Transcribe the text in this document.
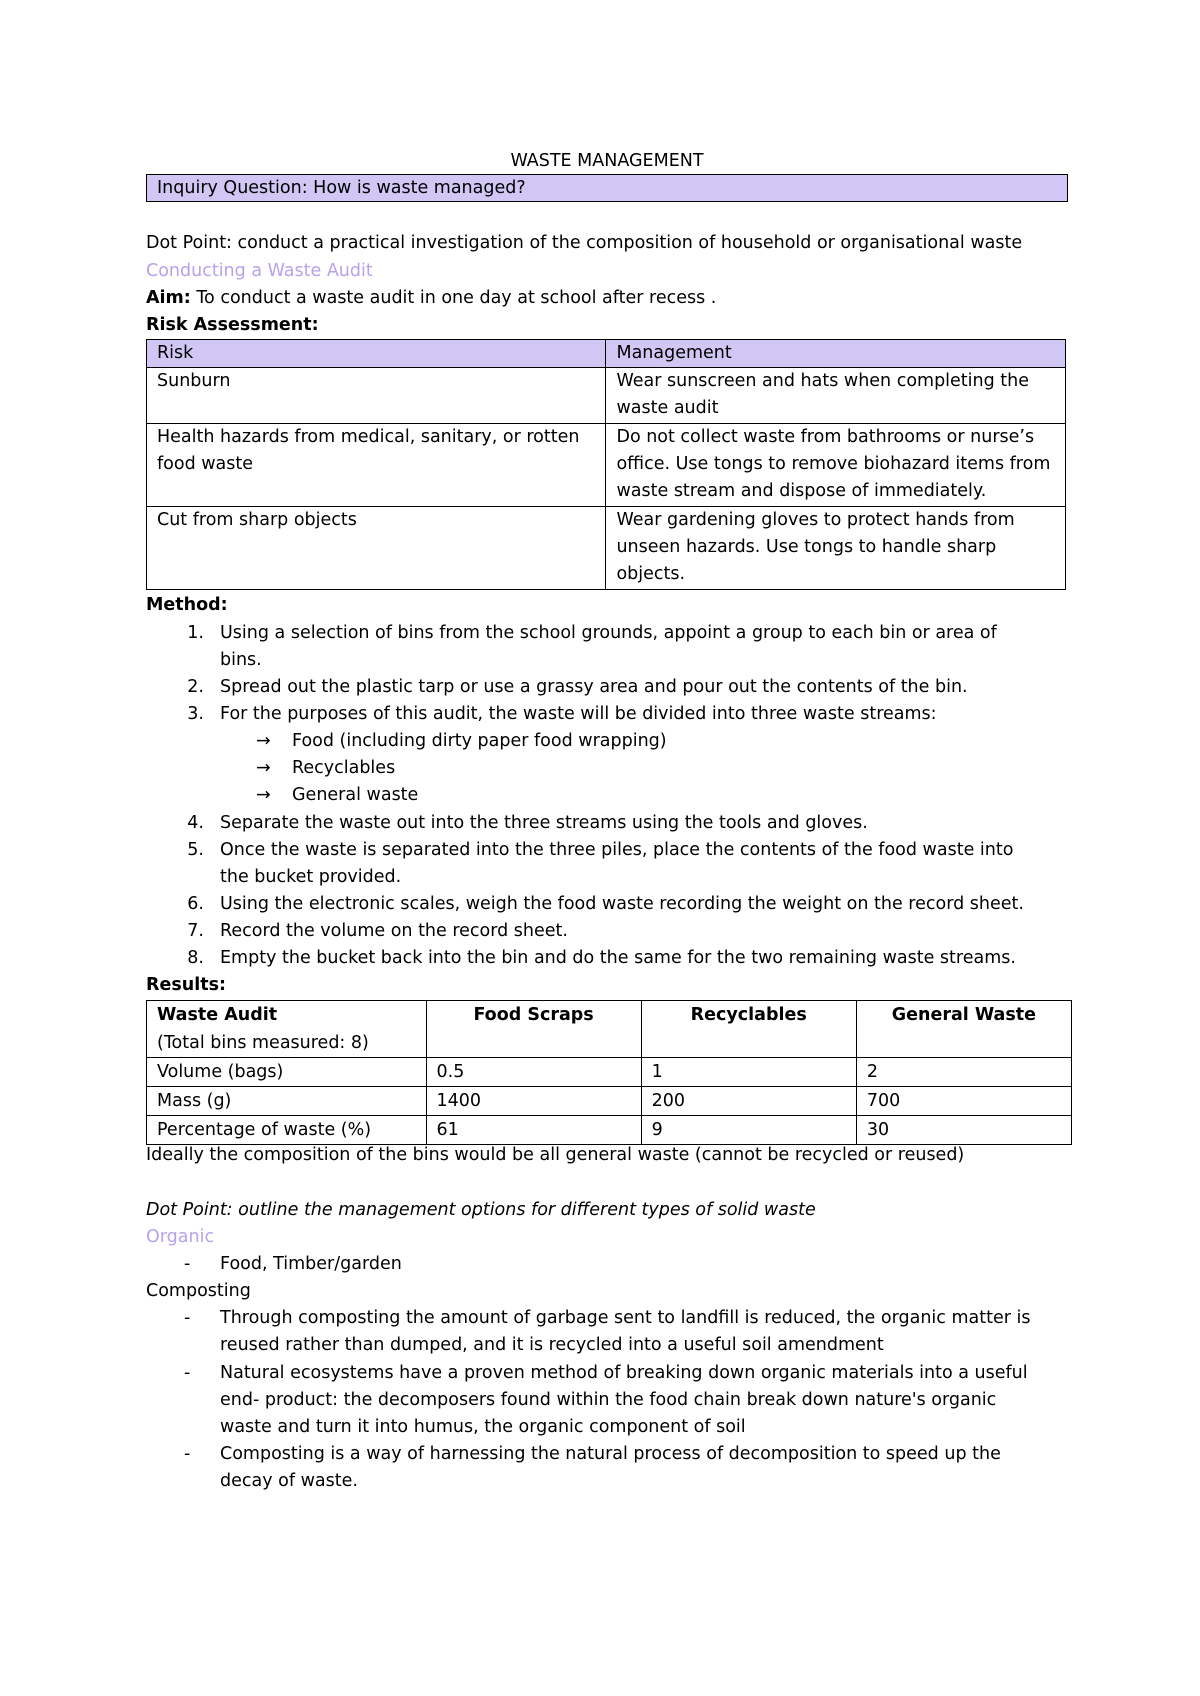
WASTE MANAGEMENT
Inquiry Question: How is waste managed?
Dot Point: conduct a practical investigation of the composition of household or organisational waste
Conducting a Waste Audit
Aim: To conduct a waste audit in one day at school after recess .
Risk Assessment:
Risk	Management
Sunburn	Wear sunscreen and hats when completing the waste audit
Health hazards from medical, sanitary, or rotten food waste	Do not collect waste from bathrooms or nurse’s office. Use tongs to remove biohazard items from waste stream and dispose of immediately.
Cut from sharp objects	Wear gardening gloves to protect hands from unseen hazards. Use tongs to handle sharp objects.
Method:
1. Using a selection of bins from the school grounds, appoint a group to each bin or area of
bins.
2. Spread out the plastic tarp or use a grassy area and pour out the contents of the bin.
3. For the purposes of this audit, the waste will be divided into three waste streams:
→ Food (including dirty paper food wrapping)
→ Recyclables
→ General waste
4. Separate the waste out into the three streams using the tools and gloves.
5. Once the waste is separated into the three piles, place the contents of the food waste into
the bucket provided.
6. Using the electronic scales, weigh the food waste recording the weight on the record sheet.
7. Record the volume on the record sheet.
8. Empty the bucket back into the bin and do the same for the two remaining waste streams.
Results:
Waste Audit
(Total bins measured: 8)	Food Scraps	Recyclables	General Waste
Volume (bags)	0.5	1	2
Mass (g)	1400	200	700
Percentage of waste (%)	61	9	30
Ideally the composition of the bins would be all general waste (cannot be recycled or reused)
Dot Point: outline the management options for different types of solid waste
Organic
- Food, Timber/garden
Composting
- Through composting the amount of garbage sent to landfill is reduced, the organic matter is
reused rather than dumped, and it is recycled into a useful soil amendment
- Natural ecosystems have a proven method of breaking down organic materials into a useful
end- product: the decomposers found within the food chain break down nature's organic
waste and turn it into humus, the organic component of soil
- Composting is a way of harnessing the natural process of decomposition to speed up the
decay of waste.
